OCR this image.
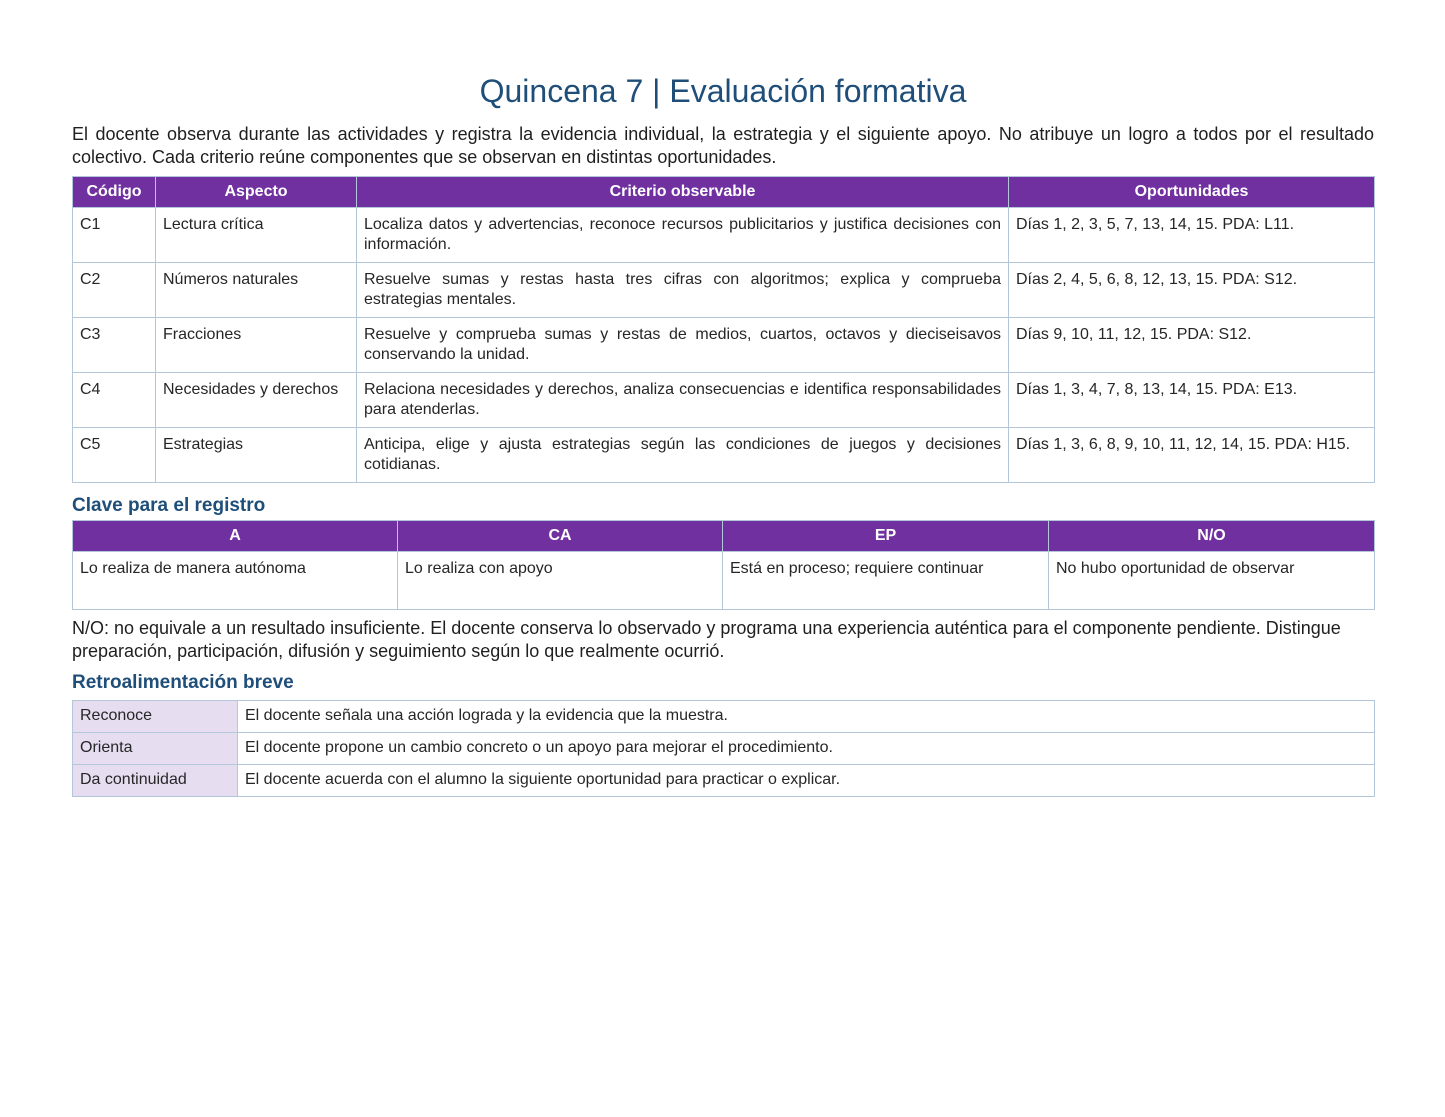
Quincena 7 | Evaluación formativa

El docente observa durante las actividades y registra la evidencia individual, la estrategia y el siguiente apoyo. No atribuye un logro a todos por el resultado colectivo. Cada criterio reúne componentes que se observan en distintas oportunidades.

Código	Aspecto	Criterio observable	Oportunidades
C1	Lectura crítica	Localiza datos y advertencias, reconoce recursos publicitarios y justifica decisiones con información.	Días 1, 2, 3, 5, 7, 13, 14, 15. PDA: L11.
C2	Números naturales	Resuelve sumas y restas hasta tres cifras con algoritmos; explica y comprueba estrategias mentales.	Días 2, 4, 5, 6, 8, 12, 13, 15. PDA: S12.
C3	Fracciones	Resuelve y comprueba sumas y restas de medios, cuartos, octavos y dieciseisavos conservando la unidad.	Días 9, 10, 11, 12, 15. PDA: S12.
C4	Necesidades y derechos	Relaciona necesidades y derechos, analiza consecuencias e identifica responsabilidades para atenderlas.	Días 1, 3, 4, 7, 8, 13, 14, 15. PDA: E13.
C5	Estrategias	Anticipa, elige y ajusta estrategias según las condiciones de juegos y decisiones cotidianas.	Días 1, 3, 6, 8, 9, 10, 11, 12, 14, 15. PDA: H15.
Clave para el registro
A	CA	EP	N/O
Lo realiza de manera autónoma	Lo realiza con apoyo	Está en proceso; requiere continuar	No hubo oportunidad de observar

N/O: no equivale a un resultado insuficiente. El docente conserva lo observado y programa una experiencia auténtica para el componente pendiente. Distingue preparación, participación, difusión y seguimiento según lo que realmente ocurrió.

Retroalimentación breve
Reconoce	El docente señala una acción lograda y la evidencia que la muestra.
Orienta	El docente propone un cambio concreto o un apoyo para mejorar el procedimiento.
Da continuidad	El docente acuerda con el alumno la siguiente oportunidad para practicar o explicar.
